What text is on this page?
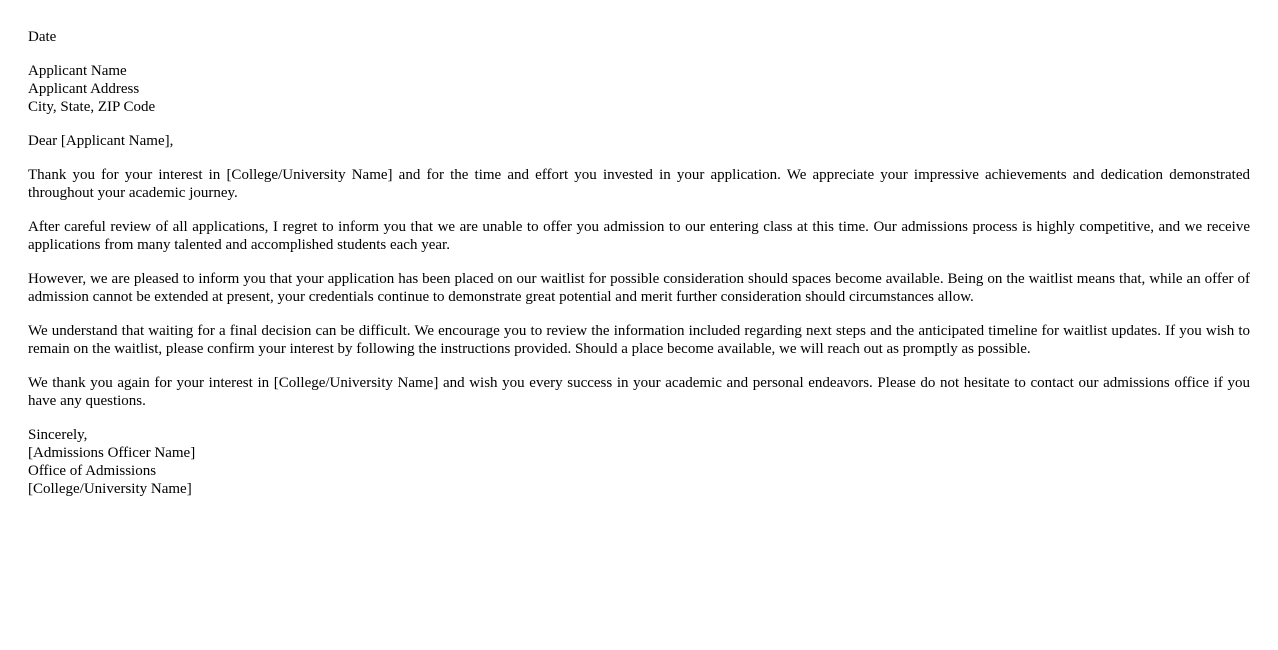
Date

Applicant Name
Applicant Address
City, State, ZIP Code

Dear [Applicant Name],

Thank you for your interest in [College/University Name] and for the time and effort you invested in your application. We appreciate your impressive achievements and dedication demonstrated throughout your academic journey.

After careful review of all applications, I regret to inform you that we are unable to offer you admission to our entering class at this time. Our admissions process is highly competitive, and we receive applications from many talented and accomplished students each year.

However, we are pleased to inform you that your application has been placed on our waitlist for possible consideration should spaces become available. Being on the waitlist means that, while an offer of admission cannot be extended at present, your credentials continue to demonstrate great potential and merit further consideration should circumstances allow.

We understand that waiting for a final decision can be difficult. We encourage you to review the information included regarding next steps and the anticipated timeline for waitlist updates. If you wish to remain on the waitlist, please confirm your interest by following the instructions provided. Should a place become available, we will reach out as promptly as possible.

We thank you again for your interest in [College/University Name] and wish you every success in your academic and personal endeavors. Please do not hesitate to contact our admissions office if you have any questions.

Sincerely,
[Admissions Officer Name]
Office of Admissions
[College/University Name]
